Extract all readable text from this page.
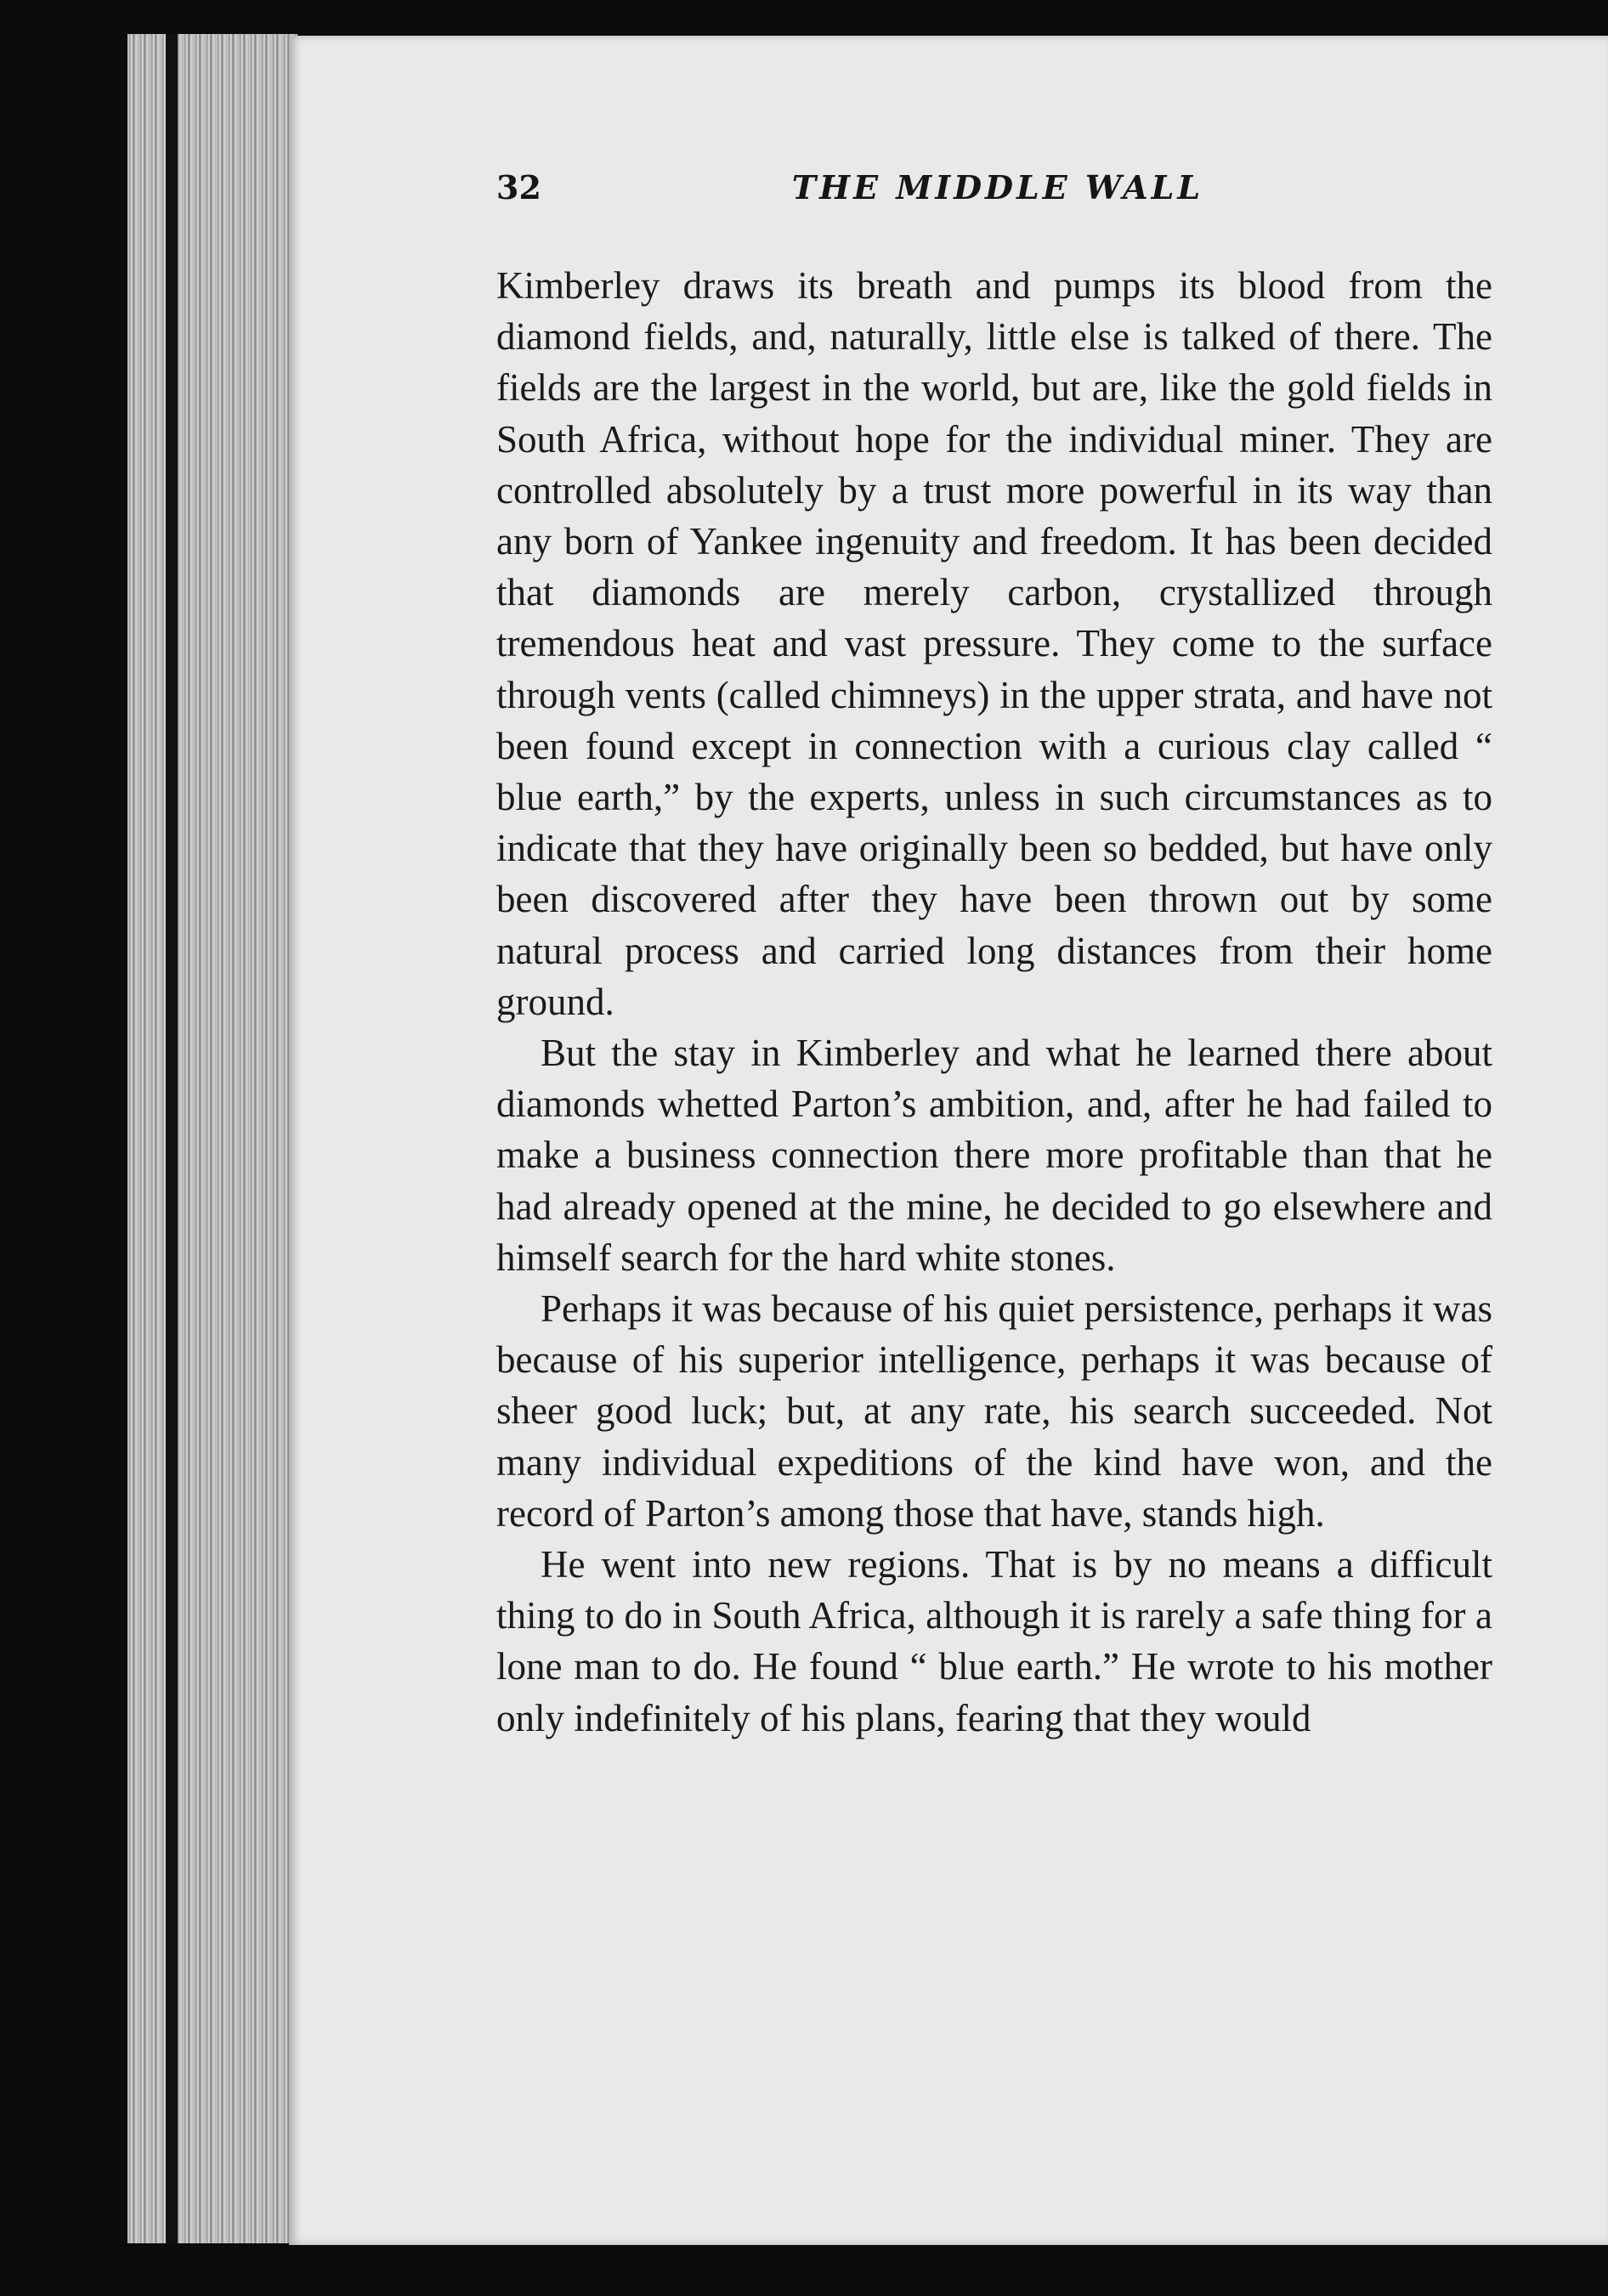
32	THE MIDDLE WALL

Kimberley draws its breath and pumps its blood from the diamond fields, and, naturally, little else is talked of there. The fields are the largest in the world, but are, like the gold fields in South Africa, without hope for the individual miner. They are controlled absolutely by a trust more powerful in its way than any born of Yankee ingenuity and freedom. It has been decided that diamonds are merely carbon, crystallized through tremendous heat and vast pressure. They come to the surface through vents (called chimneys) in the upper strata, and have not been found except in connection with a curious clay called “ blue earth,” by the experts, unless in such circumstances as to indicate that they have originally been so bedded, but have only been discovered after they have been thrown out by some natural process and carried long distances from their home ground.

But the stay in Kimberley and what he learned there about diamonds whetted Parton’s ambition, and, after he had failed to make a business connection there more profitable than that he had already opened at the mine, he decided to go elsewhere and himself search for the hard white stones.

Perhaps it was because of his quiet persistence, perhaps it was because of his superior intelligence, perhaps it was because of sheer good luck; but, at any rate, his search succeeded. Not many individual expeditions of the kind have won, and the record of Parton’s among those that have, stands high.

He went into new regions. That is by no means a difficult thing to do in South Africa, although it is rarely a safe thing for a lone man to do. He found “ blue earth.” He wrote to his mother only indefinitely of his plans, fearing that they would
